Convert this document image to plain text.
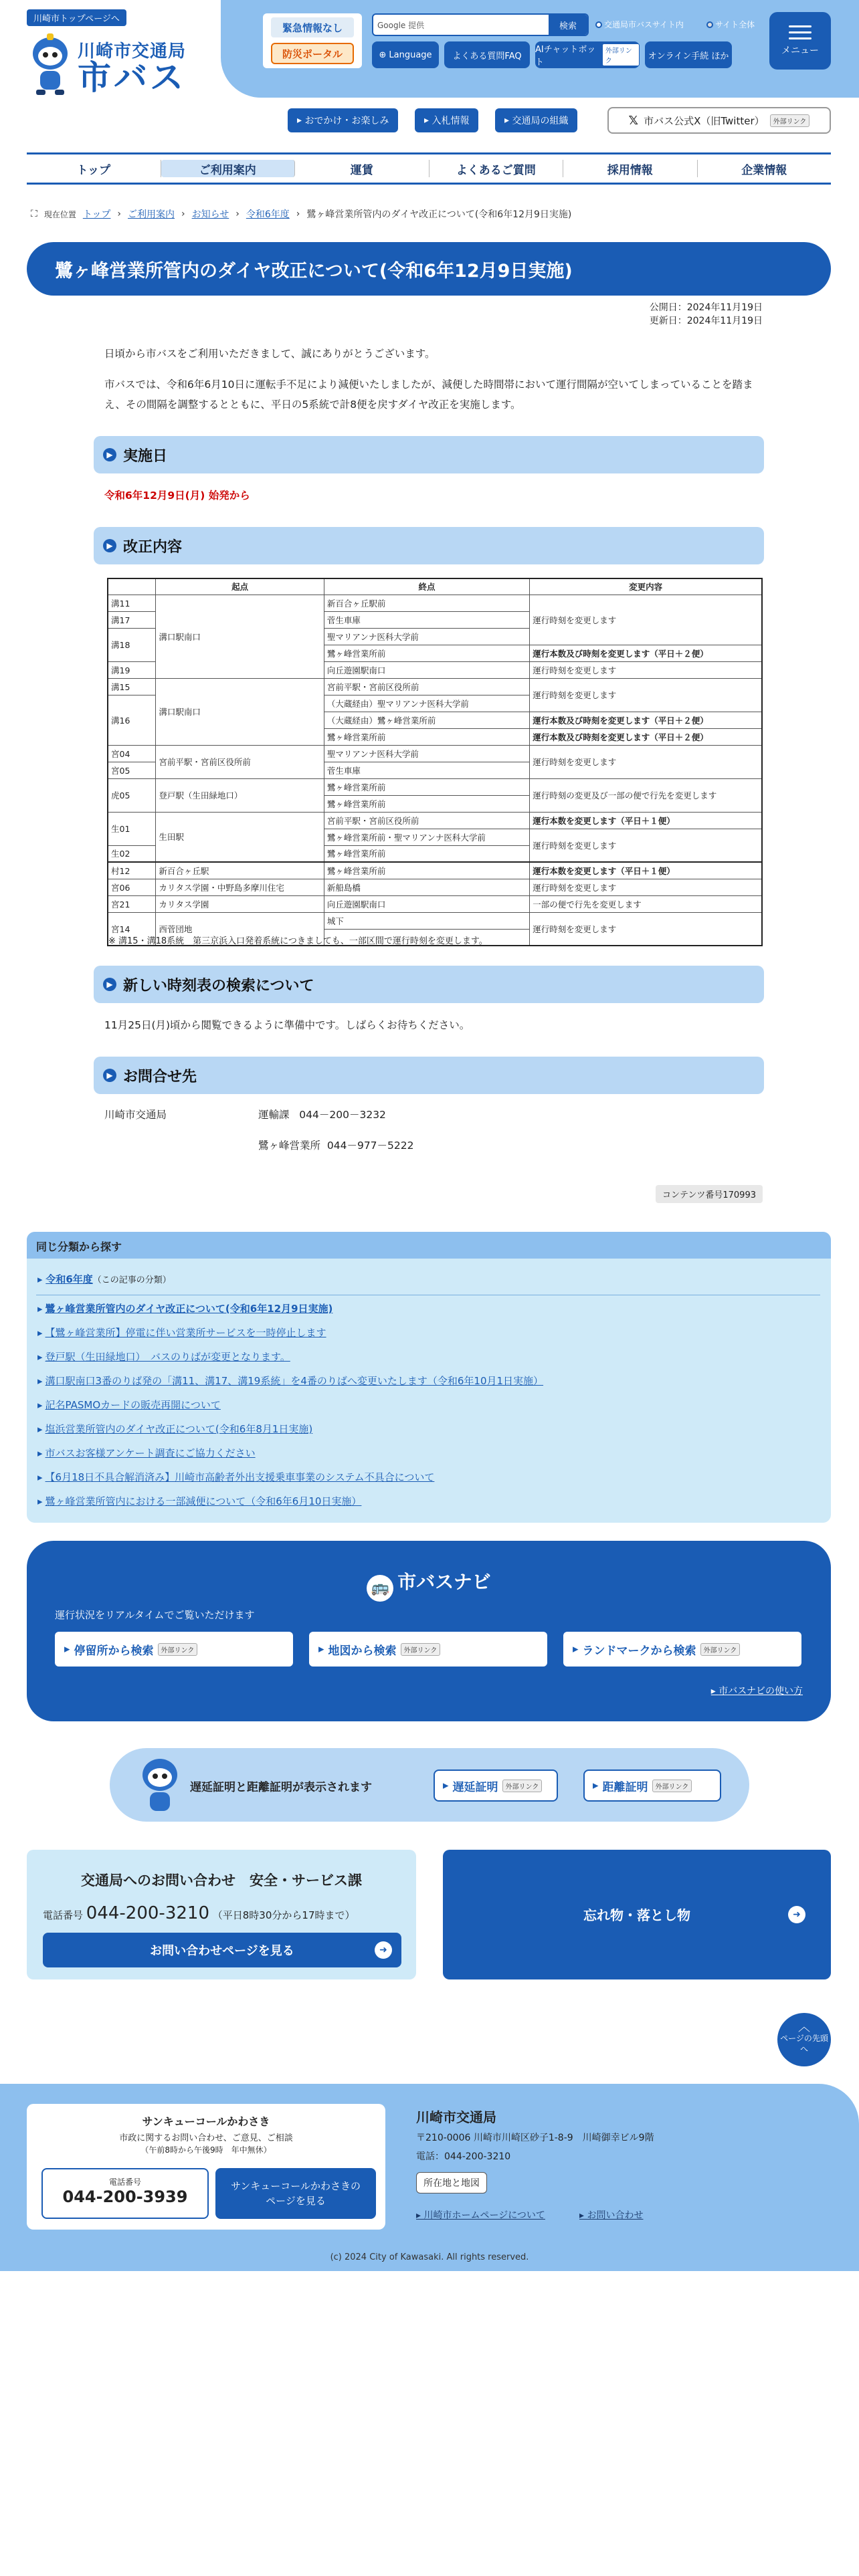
川崎市トップページへ
川崎市交通局
市バス
緊急情報なし
防災ポータル
Google 提供	検索	交通局市バスサイト内	サイト全体
⊕ Language	よくある質問FAQ
AIチャットボット
外部リンク	オンライン手続 ほか	メニュー
▸ おでかけ・お楽しみ	▸ 入札情報	▸ 交通局の組織	𝕏 市バス公式X（旧Twitter）	外部リンク
トップ	ご利用案内	運賃	よくあるご質問	採用情報	企業情報
⛶ 現在位置 トップ › ご利用案内 › お知らせ › 令和6年度 › 鷺ヶ峰営業所管内のダイヤ改正について(令和6年12月9日実施)
鷺ヶ峰営業所管内のダイヤ改正について(令和6年12月9日実施)
公開日：2024年11月19日
更新日：2024年11月19日

日頃から市バスをご利用いただきまして、誠にありがとうございます。

市バスでは、令和6年6月10日に運転手不足により減便いたしましたが、減便した時間帯において運行間隔が空いてしまっていることを踏まえ、その間隔を調整するとともに、平日の5系統で計8便を戻すダイヤ改正を実施します。

▶ 実施日

令和6年12月9日(月) 始発から

▶ 改正内容
	起点	終点	変更内容
溝11	溝口駅南口	新百合ヶ丘駅前	運行時刻を変更します
溝17		菅生車庫	
溝18		聖マリアンナ医科大学前	
		鷺ヶ峰営業所前	運行本数及び時刻を変更します（平日＋２便）
溝19		向丘遊園駅南口	運行時刻を変更します
溝15	溝口駅南口	宮前平駅・宮前区役所前	運行時刻を変更します
溝16		（大蔵経由）聖マリアンナ医科大学前	
		（大蔵経由）鷺ヶ峰営業所前	運行本数及び時刻を変更します（平日＋２便）
		鷺ヶ峰営業所前	運行本数及び時刻を変更します（平日＋２便）
宮04	宮前平駅・宮前区役所前	聖マリアンナ医科大学前	運行時刻を変更します
宮05		菅生車庫	
虎05	登戸駅（生田緑地口）	鷺ヶ峰営業所前	運行時刻の変更及び一部の便で行先を変更します
		鷺ヶ峰営業所前	
生01	生田駅	宮前平駅・宮前区役所前	運行本数を変更します（平日＋１便）
		鷺ヶ峰営業所前・聖マリアンナ医科大学前	運行時刻を変更します
生02		鷺ヶ峰営業所前	
村12	新百合ヶ丘駅	鷺ヶ峰営業所前	運行本数を変更します（平日＋１便）
宮06	カリタス学園・中野島多摩川住宅	新船島橋	運行時刻を変更します
宮21	カリタス学園	向丘遊園駅南口	一部の便で行先を変更します
宮14	西菅団地	城下	運行時刻を変更します

※ 溝15・溝18系統　第三京浜入口発着系統につきましても、一部区間で運行時刻を変更します。

▶ 新しい時刻表の検索について

11月25日(月)頃から閲覧できるように準備中です。しばらくお待ちください。

▶ お問合せ先

川崎市交通局	運輸課 044－200－3232

鷺ヶ峰営業所 044－977－5222

コンテンツ番号170993
同じ分類から探す
▸ 令和6年度（この記事の分類）
▸ 鷺ヶ峰営業所管内のダイヤ改正について(令和6年12月9日実施)
▸ 【鷺ヶ峰営業所】停電に伴い営業所サービスを一時停止します
▸ 登戸駅（生田緑地口）　バスのりばが変更となります。
▸ 溝口駅南口3番のりば発の「溝11、溝17、溝19系統」を4番のりばへ変更いたします（令和6年10月1日実施）
▸ 記名PASMOカードの販売再開について
▸ 塩浜営業所管内のダイヤ改正について(令和6年8月1日実施)
▸ 市バスお客様アンケート調査にご協力ください
▸ 【6月18日不具合解消済み】川崎市高齢者外出支援乗車事業のシステム不具合について
▸ 鷺ヶ峰営業所管内における一部減便について（令和6年6月10日実施）
🚌 市バスナビ
運行状況をリアルタイムでご覧いただけます
▸ 停留所から検索	外部リンク	▸ 地図から検索	外部リンク	▸ ランドマークから検索	外部リンク
▸ 市バスナビの使い方
遅延証明と距離証明が表示されます	▸ 遅延証明	外部リンク	▸ 距離証明	外部リンク
交通局へのお問い合わせ　安全・サービス課
電話番号 044-200-3210 （平日8時30分から17時まで）
お問い合わせページを見る	➜
忘れ物・落とし物	➜
︿
ページの先頭へ
サンキューコールかわさき
市政に関するお問い合わせ、ご意見、ご相談
（午前8時から午後9時　年中無休）
電話番号
044-200-3939
サンキューコールかわさきのページを見る
川崎市交通局
〒210-0006 川崎市川崎区砂子1-8-9　川崎御幸ビル9階
電話：044-200-3210
所在地と地図
▸ 川崎市ホームページについて	▸ お問い合わせ
(c) 2024 City of Kawasaki. All rights reserved.
